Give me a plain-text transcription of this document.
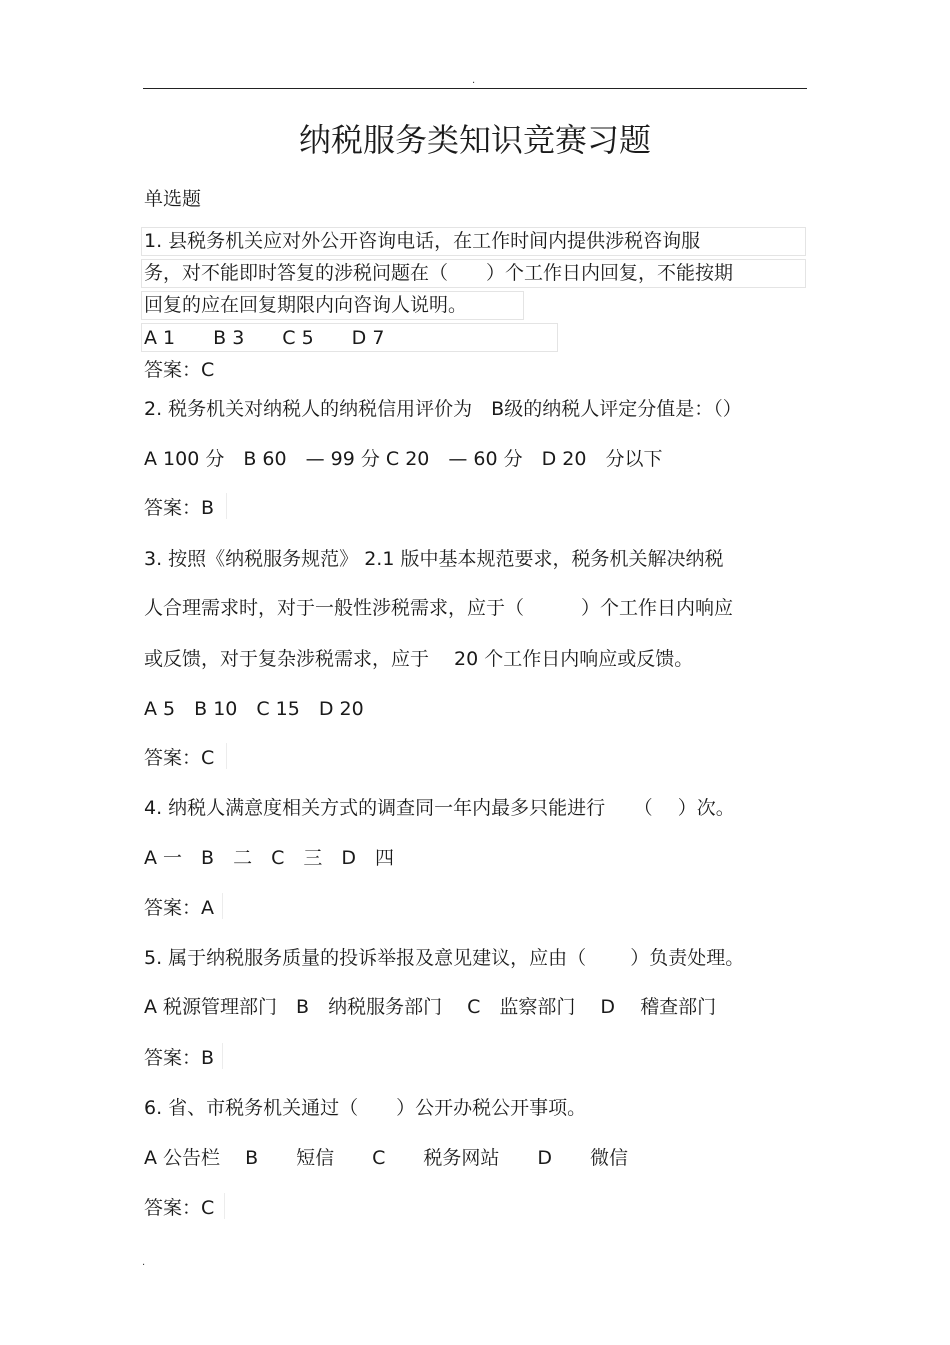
.
纳税服务类知识竞赛习题
单选题
1. 县税务机关应对外公开咨询电话，在工作时间内提供涉税咨询服
务，对不能即时答复的涉税问题在（　　）个工作日内回复，不能按期
回复的应在回复期限内向咨询人说明。
A 1　　B 3　　C 5　　D 7
答案：C
2. 税务机关对纳税人的纳税信用评价为　B级的纳税人评定分值是：（）
A 100 分　B 60　— 99 分 C 20　— 60 分　D 20　分以下
答案：B
3. 按照《纳税服务规范》 2.1 版中基本规范要求，税务机关解决纳税
人合理需求时，对于一般性涉税需求，应于（　　　）个工作日内响应
或反馈，对于复杂涉税需求，应于　 20 个工作日内响应或反馈。
A 5　B 10　C 15　D 20
答案：C
4. 纳税人满意度相关方式的调查同一年内最多只能进行　　（　 ）次。
A 一　B　二　C　三　D　四
答案：A
5. 属于纳税服务质量的投诉举报及意见建议，应由（　　 ）负责处理。
A 税源管理部门　B　纳税服务部门　 C　监察部门　 D　 稽查部门
答案：B
6. 省、市税务机关通过（　　）公开办税公开事项。
A 公告栏　 B　　短信　　C　　税务网站　　D　　微信
答案：C
.
